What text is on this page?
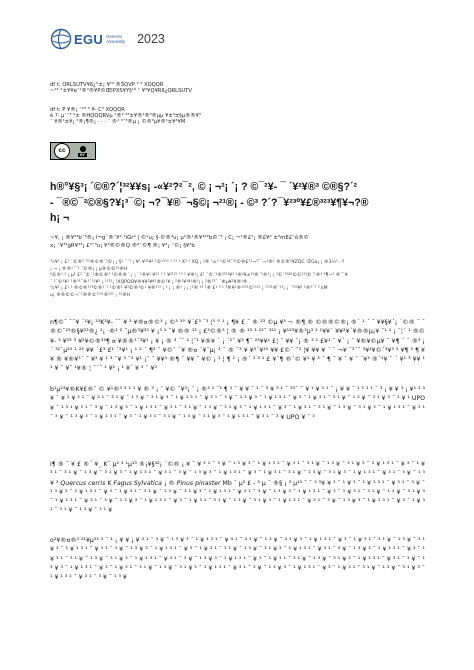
EGU General Assembly 2023
df t: QRLSUTV¥ß¿°±¡ ¥¹³ ®ŠQVP ³ ³ XQQQR
~¹³ °±¥¥e¯²®³®¥P©ŒIPXS¥Y§¹³ ¯ ¥³¥Q¥Rß¿QRLSUTV
df t: P ¥®¡ ¯²³ ³ ¥- C³ XQQQR
é ?· µ¯¯³ ²± ®HQQQRVµ ²®² ³³±¥®¹®³®µµ ¥±³±§µ®®¥³
¯ ¥®¹±¥¡ ³®¡¶®¡ · · · ¯ ®¹ ³¯³®µ ¡ ©®³µ¥®¹±¥³¥M
cc
BY
h®°¥§³¡ ´©®?´¦³²¥¥s¡ -«¥²?²¯², © ¡ ¬²¡ ´¡ ? ©¯²¥- ¯ ´¥²¥®³ ©®§?´²
- ¯®©¯²©®§?¥¡³¯©¡ ¬?¯¥®¯¬§©¡ ¬²¹®¡ - ©³ ?´?¯¥²³º¥£®³²³¥¶¥¬?®
h¡ ¬
~¥, ¡ ®¥²³b¯³®¡ l¬g´®¯¥²·¹ìGr³ | ©¹u¡ §·©®³u¡ µ²®¹®¥³²²b©¯³ ¡ C¡ ¬¹®£²¡ ®£¥³ ±³mE£¯ô®©
x¡ ¯¥³¹gR¥³³¡ £³¯³u¡ ¥³®©®Q ®³¯©¶ ®¡ ¥³¡ ¯©¡ §¥³ô
°c¥¹ ¡ £¹ ¯©®³´²³®©®¯³©¡ ¡ §¹ ¯´¹ ¡ ¥¹ ¥³¹¥³ ¹©¹³¹³ ¹ ¹³ ¹ X³ ¹ XQ ¡ ²® ¹±³ ¹©¹ª¯³²©®£³¹¬³¯¯¬³®¹ ®©®³¥ZQC ¹ZGa¡ ¡ ®3½¹ · f
¡ ¬ ¡ ®®¹¯¯³ ¯©®¡ ¡ µ®©©³¹®H
²©®³ ¹ ¡ µ¹ £¹ ¯©´¹®©®³ ¹©®®´ ¡ ¡´ ¹®¥¹ ¥¹³ ¹ ¹ ¥³¹³¹ ¹³ ¹ ¥®¹¡ £¹ ¯©´¹®³³³¹¥³ ¹®²¥±³¹®¯¹®³¡ ¡ ³©´³¹ª¹©©¹¹³©´¹®³ ¹¶¬³ ®¯¯¥
¯ ¹¯©¹¥¹ ¹®³¹¯®³´¹¹¥³ ¡ ¹²³¹¡ ¹XQPOO¥®¥¥¹¥ª¹®©¹¥ ¡ ²®¹¥¹ª¹®³¡ ¡ ²®¹³¯ ´®µ¥²¥®¹®
°c¥¹ ¡ £¹ ¹ ®©®¹³³©®³´¹ ¹©®¹ ¥³©®¹©¹ ¥®³¹³ ¡ ¹ ¡ ¡ ®³ ¡ ¡ ¦²® ¹³ ¹® £¹ ³ ¹ ³®¥¹®¹³³¹©¹¹³¹ ¡ ¹¹³¹®¯¹³¡ ¡ ´¹³³¥³ ¹®³´¹ ³ kM
u¡ ®®©©¬¯¹®®©³¹³¹®²³¹ ¡ ³¹®H
n¶©¯ ¯¯¥ ´¹¥¡ ²³K²¥- ¯¯ ¥ ³ ¥®¤®©³ ¡ ©³ ³° ¥´£³ ¯³ ¦³ ° ¹ ¡ ¶¥ £ ¯ ® ²³ ©µ ¥³ ¬ ®¶ ® ©®®©®¡ ®´ ¹ ´ ¯ ¥¥§¥´¡ ´©® ¯ ¯ ®©¯²³®§¥²³®¿ ¹¡ ·®² ² ¯µ®³¥³³ ¥ ¡³ ¹ ¯¥ ®® ¹³ ¡ £³©®³ ¦ ® ® ¹³ ³ ²³¯ ³²¹ ¡ ¥¹²³¥®³µ³ ² ¹¥¥´ ¥¥²¥´¥®®µ¡¥ ¯¹ ¹ ¡ ¯¦´ ¹ ®© ¥- ³ ¥³³ ³ ¥²¥©®³³¶ ¤ ¥®®³´³¥¹ ¡ ¥ ¡ ® ³ ´¯ ¹ ¦¯¹ ¥®¥ ´ ¡ ´²¯ ¥³ ¶¯ ²³¥¥¹ £¦ ¯ ¥¥ ¯¡ ® ³ ¹ £¥¹ ¯ ¥´ ¡ ¯ ¥®¥©µ¥ ¯ ¥¶ ´ ¯ ®³ ¡ ´ ³²¯µ²³ ¹ ²³ ¥¥ ´£³ £¹ ´³¥¹ ¡ ¹ ² ´ ¶³ ¯ ¥©¯ ´¥ ®¤ ´¥¯µ¡ ³ ¯ ® ¯³ ¥ ¥³´¥²³ ¥¥ £©¯ ¯³ ¦¥ ¥¥ ¥ ´ ¯ ¬¥ ¯³´¯ ³¥²¥©´³¥³ ³ ¥¶ ³ ¶ ¥ ¥ ® ¥®¥³´ ¯ ¥³ ¥ ¹ ³ ¯¥ ³ ¯³ ¥¹ ¡¯ ¯ ¥¥³ ®¶ ¯ ¥¥ ¯ ¥© ¡ ¹ ¦ ¶ ¹ ¡ ®´ ¹ ³ ¹ £ ¥¯¶ ®´© ¥¹ ¥ ³ ´ ¶ ¯ ¥ ¯ ¥ ¯ ´¥³ ®´¹¥ ¯ ´ ¥¹ ³ ¥¥ ¹ ¹ ¥ ¯ ¥¯ ¹¥® ¦ ¯´¯ ¹ ¥¹ ¡ ¹ ¥´ ¥ ³ ¯ ¥³
b¹µ²³¥®K¥£®¯ © ¥¹®³ ³ ¹ ¹ ¥ ® ³ ¡ ¯ ¥© ¯¥³¡ ¯ ¡ ®³ ¹ ¯³ ¶ ³ ¯ ¥ ¥ ¯ ¹ ¯ ³ ¥ ³ ¹ ¯ ³³¯ ¯ ¥ ¹ ¥ ³ ¹ ¯ ¡ ¥ ¥ ¯ ¹ ³ ¹ ¹ ¯ ³ ¡ ¥ ¥ ³ ¡ ¥¹ ³ ³ ¥ ¯ ¥ ¹ ¥ ³ ¹ ¯ ¥ ³ ¹ ¯ ³ ¹ ¥ ¯ ¹ ³ ¥ ¯ ³ ¹ ¥ ³ ¯ ¹ ¥ ¹ ³ ¹ ¯ ¥ ³ ¹ ¯ ³ ¥ ¯ ¹ ³ ¥ ³ ¯ ¹ ¥ ¹ ³ ¹ ¯ ¥ ³ ¯ ¹ ¥ ³ ¹ ¯ ³ ¹ ¥ ¯ ¹ ³ ¥ ¯ ³ ¹ ¥ ³ ¯ ¹ ¥ ¹ UPO ¥ ¯ ¹ ³ ¹ ¥ ³ ¹ ¯ ³ ¥ ¯ ¹ ³ ¥ ³ ¯ ¹ ¥ ¹ ³ ¹ ¯ ¥ ³ ¹ ¯ ³ ¹ ¥ ¯ ¹ ³ ¥ ¯ ³ ¹ ¥ ³ ¯ ¹ ¥ ¹ ³ ¹ ¯ ¥ ³ ¯ ¹ ¥ ³ ¹ ¯ ³ ¹ ¥ ¯ ¹ ³ ¥ ¯ ³ ¹ ¥ ³ ¯ ¹ ¥ ¹ ³ ¹ ¯ ¥ ³ ¹ ¯ ³ ¥ ¯ ¹ ³ ¥ ³ ¯ ¹ ¥ ¹ ³ ¹ ¯ ¥ ³ ¯ ¹ ¥ ³ ¹ ¯ ³ ¹ ¥ ¯ ¹ ³ ¥ ¯ ³ ¹ ¥ ³ ¯ ¹ ¥ ¹ ³ ¹ ¯ ¥ ³ ¹ ¯ ³ ¥ UPO ¥ ¯ ³
i¶ ® ¯ ¥ £ ®´ ¥¸ K¯ µ² ³ ¹µ¹³ ®¡¥§³²¡ ´©® ¡ ¥ ¯ ¥ ³ ¹ ¯ ³ ¥ ¯ ¹ ³ ¥ ³ ¯ ¹ ¥ ¹ ³ ¹ ¯ ¥ ³ ¹ ¯ ³ ¹ ¥ ¯ ¹ ³ ¥ ¯ ³ ¹ ¥ ³ ¯ ¹ ¥ ¹ ³ ¹ ¯ ¥ ³ ¯ ¹ ¥ ³ ¹ ¯ ³ ¹ ¥ ¯ ¹ ³ ¥ ¯ ³ ¹ ¥ ³ ¯ ¹ ¥ ¹ ³ ¹ ¯ ¥ ³ ¹ ¯ ³ ¥ ¯ ¹ ³ ¥ ³ ¯ ¹ ¥ ¹ ³ ¹ ¯ ¥ ³ ¯ ¹ ¥ ³ ¹ ¯ ³ ¹ ¥ ¯ ¹ ³ ¥ ¯ ³ ¹ ¥ ³ ¯ ¹ ¥ ¹ ³ ¹ ¯ ¥ ³ ¹ ¯ ³ ¥ ¯ ¹ ³ ¥ ³ Quercus cerris K Fagus Sylvatica ¡ ® Pinus pinaster Mb ¯ µ³ £ - ³ µ ¯ ®§ ¡ ³ µ¹³ ¯ ¯ ³ ³¥ ¥ ³ ¯ ¹ ¥ ³ ¯ ¹ ¥ ¹ ³ ¹ ¯ ¥ ³ ¹ ¯ ³ ¥ ¯ ¹ ³ ¥ ³ ¯ ¹ ¥ ¹ ³ ¹ ¯ ¥ ³ ¯ ¹ ¥ ³ ¹ ¯ ³ ¹ ¥ ¯ ¹ ³ ¥ ¯ ³ ¹ ¥ ³ ¯ ¹ ¥ ¹ ³ ¹ ¯ ¥ ³ ¹ ¯ ³ ¥ ¯ ¹ ³ ¥ ³ ¯ ¹ ¥ ¹ ³ ¹ ¯ ¥ ³ ¯ ¹ ¥ ³ ¹ ¯ ³ ¹ ¥ ¯ ¹ ³ ¥ ¯ ³ ¹ ¥ ³ ¯ ¹ ¥ ¹ ³ ¹ ¯ ¥ ³ ¹ ¯ ³ ¥ ¯ ¹ ³ ¥ ³ ¯ ¹ ¥ ¹ ³ ¹ ¯ ¥ ³ ¯ ¹ ¥ ³ ¹ ¯ ³ ¹ ¥ ¯ ¹ ³ ¥ ¯ ³ ¹ ¥ ³ ¯ ¹ ¥ ¹ ³ ¹ ¯ ¥ ³ ¹ ¯ ³ ¥ ¯ ¹ ³ ¥ ³ ¯ ¹ ¥ ¹ ³ ¹ ¯ ¥ ³ ¯ ¹ ¥ ³ ¹ ¯ ³ ¹ ¥ ¯ ¹ ³ ¥ ¯ ³ ¹ ¥
o²¥®¤®³ ²¹¥µ²³ ³ ¯ ¹ ¡ ¥ ¥ ¡ ¥ ³ ¹ ¯ ³ ¥ ¯ ¹ ³ ¥ ³ ¯ ¹ ¥ ¹ ³ ¹ ¯ ¥ ³ ¹ ¯ ³ ¹ ¥ ¯ ¹ ³ ¥ ¯ ³ ¹ ¥ ³ ¯ ¹ ¥ ¹ ³ ¹ ¯ ¥ ³ ¯ ¹ ¥ ³ ¹ ¯ ³ ¹ ¥ ¯ ¹ ³ ¥ ¯ ³ ¹ ¥ ³ ¯ ¹ ¥ ¹ ³ ¹ ¯ ¥ ³ ¹ ¯ ³ ¥ ¯ ¹ ³ ¥ ³ ¯ ¹ ¥ ¹ ³ ¹ ¯ ¥ ³ ¯ ¹ ¥ ³ ¹ ¯ ³ ¹ ¥ ¯ ¹ ³ ¥ ¯ ³ ¹ ¥ ³ ¯ ¹ ¥ ¹ ³ ¹ ¯ ¥ ³ ¹ ¯ ³ ¥ ¯ ¹ ³ ¥ ³ ¯ ¹ ¥ ¹ ³ ¹ ¯ ¥ ³ ¯ ¹ ¥ ³ ¹ ¯ ³ ¹ ¥ ¯ ¹ ³ ¥ ¯ ³ ¹ ¥ ³ ¯ ¹ ¥ ¹ ³ ¹ ¯ ¥ ³ ¹ ¯ ³ ¥ ¯ ¹ ³ ¥ ³ ¯ ¹ ¥ ¹ ³ ¹ ¯ ¥ ³ ¯ ¹ ¥ ³ ¹ ¯ ³ ¹ ¥ ¯ ¹ ³ ¥ ¯ ³ ¹ ¥ ³ ¯ ¹ ¥ ¹ ³ ¹ ¯ ¥ ³ ¹ ¯ ³ ¥ ¯ ¹ ³ ¥ ³ ¯ ¹ ¥ ¹ ³ ¹ ¯ ¥ ³ ¯ ¹ ¥ ³ ¹ ¯ ³ ¹ ¥ ¯ ¹ ³ ¥ ¯ ³ ¹ ¥ ³ ¯ ¹ ¥ ¹ ³ ¹ ¯ ¥ ³ ¹ ¯ ³ ¥ ¯ ¹ ³ ¥ ³ ¯ ¹ ¥ ¹ ³ ¹ ¯ ¥ ³ ¯ ¹ ¥ ³ ¹ ¯ ³ ¹ ¥ ¯ ¹ ³ ¥ ¯ ³ ¹ ¥ ³ ¯ ¹ ¥ ¹ ³ ¹ ¯ ¥ ³ ¹ ¯ ³ ¥ ¯ ¹ ³ ¥
